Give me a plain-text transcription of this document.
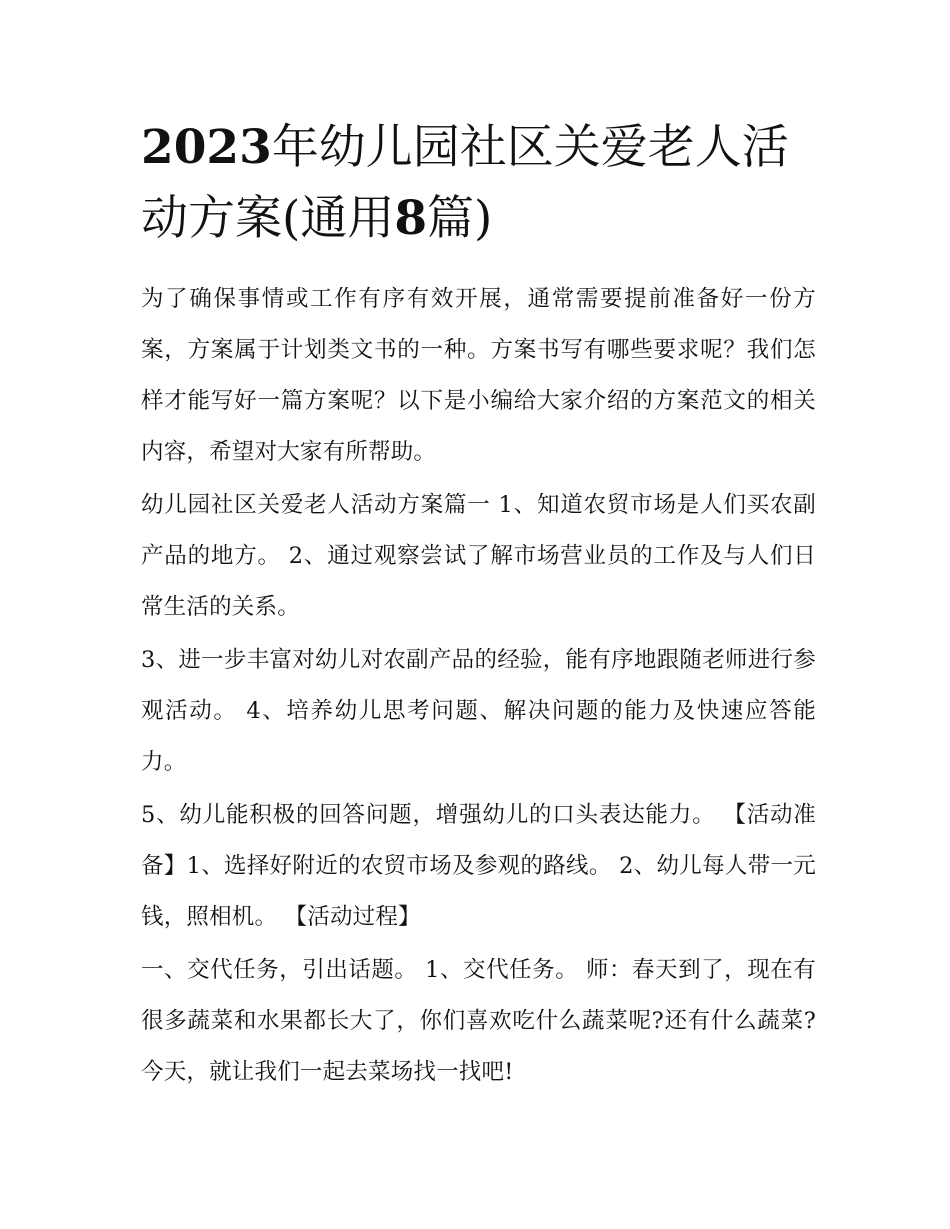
2023年幼儿园社区关爱老人活动方案(通用8篇)

为了确保事情或工作有序有效开展，通常需要提前准备好一份方案，方案属于计划类文书的一种。方案书写有哪些要求呢？我们怎样才能写好一篇方案呢？以下是小编给大家介绍的方案范文的相关内容，希望对大家有所帮助。

幼儿园社区关爱老人活动方案篇一 1、知道农贸市场是人们买农副产品的地方。 2、通过观察尝试了解市场营业员的工作及与人们日常生活的关系。

3、进一步丰富对幼儿对农副产品的经验，能有序地跟随老师进行参观活动。 4、培养幼儿思考问题、解决问题的能力及快速应答能力。

5、幼儿能积极的回答问题，增强幼儿的口头表达能力。 【活动准备】1、选择好附近的农贸市场及参观的路线。 2、幼儿每人带一元钱，照相机。 【活动过程】

一、交代任务，引出话题。 1、交代任务。 师：春天到了，现在有很多蔬菜和水果都长大了，你们喜欢吃什么蔬菜呢?还有什么蔬菜?今天，就让我们一起去菜场找一找吧!
